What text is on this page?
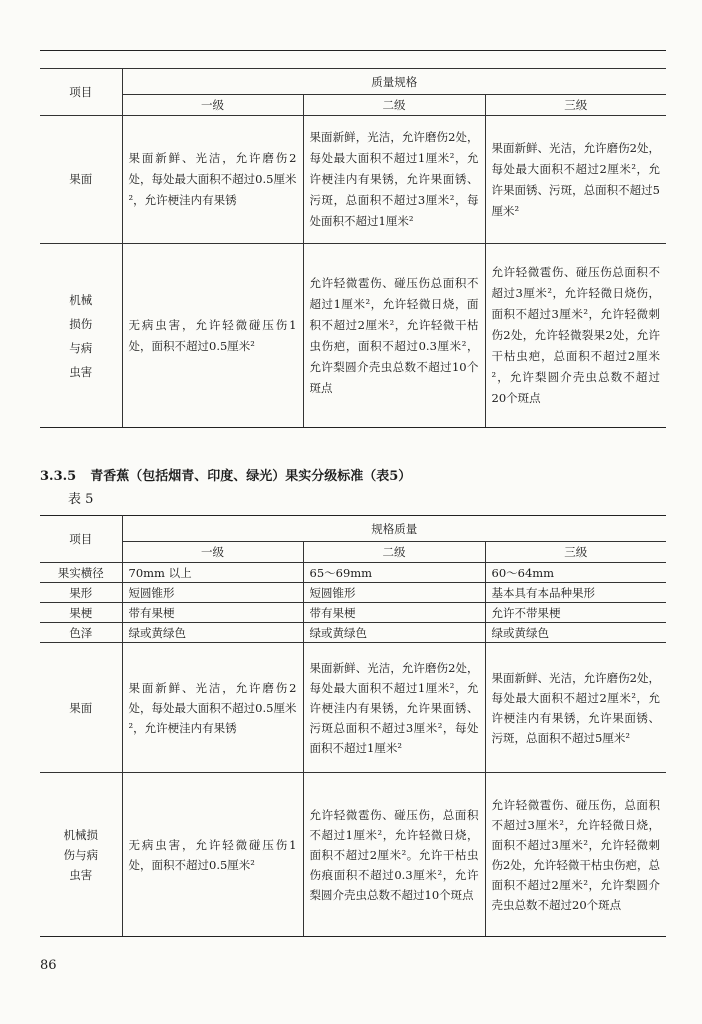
项目	质量规格		
	一级	二级	三级
果面	果面新鲜、光洁，允许磨伤2处，每处最大面积不超过0.5厘米²，允许梗洼内有果锈	果面新鲜，光洁，允许磨伤2处，每处最大面积不超过1厘米²，允许梗洼内有果锈，允许果面锈、污斑，总面积不超过3厘米²，每处面积不超过1厘米²	果面新鲜、光洁，允许磨伤2处，每处最大面积不超过2厘米²，允许果面锈、污斑，总面积不超过5厘米²

机械
损伤
与病
虫害	无病虫害，允许轻微碰压伤1处，面积不超过0.5厘米²	允许轻微雹伤、碰压伤总面积不超过1厘米²，允许轻微日烧，面积不超过2厘米²，允许轻微干枯虫伤疤，面积不超过0.3厘米²，允许梨圆介壳虫总数不超过10个斑点	允许轻微雹伤、碰压伤总面积不超过3厘米²，允许轻微日烧伤，面积不超过3厘米²，允许轻微刺伤2处，允许轻微裂果2处，允许干枯虫疤，总面积不超过2厘米²，允许梨圆介壳虫总数不超过20个斑点
3.3.5 青香蕉（包括烟青、印度、绿光）果实分级标准（表5）
表 5
项目	规格质量		
	一级	二级	三级
果实横径	70mm 以上	65～69mm	60～64mm
果形	短圆锥形	短圆锥形	基本具有本品种果形
果梗	带有果梗	带有果梗	允许不带果梗
色泽	绿或黄绿色	绿或黄绿色	绿或黄绿色
果面	果面新鲜、光洁，允许磨伤2处，每处最大面积不超过0.5厘米²，允许梗洼内有果锈	果面新鲜、光洁，允许磨伤2处，每处最大面积不超过1厘米²，允许梗洼内有果锈，允许果面锈、污斑总面积不超过3厘米²，每处面积不超过1厘米²	果面新鲜、光洁，允许磨伤2处，每处最大面积不超过2厘米²，允许梗洼内有果锈，允许果面锈、污斑，总面积不超过5厘米²

机械损
伤与病
虫害	无病虫害，允许轻微碰压伤1处，面积不超过0.5厘米²	允许轻微雹伤、碰压伤，总面积不超过1厘米²，允许轻微日烧，面积不超过2厘米²。允许干枯虫伤痕面积不超过0.3厘米²，允许梨圆介壳虫总数不超过10个斑点	允许轻微雹伤、碰压伤，总面积不超过3厘米²，允许轻微日烧，面积不超过3厘米²，允许轻微刺伤2处，允许轻微干枯虫伤疤，总面积不超过2厘米²，允许梨圆介壳虫总数不超过20个斑点
86
